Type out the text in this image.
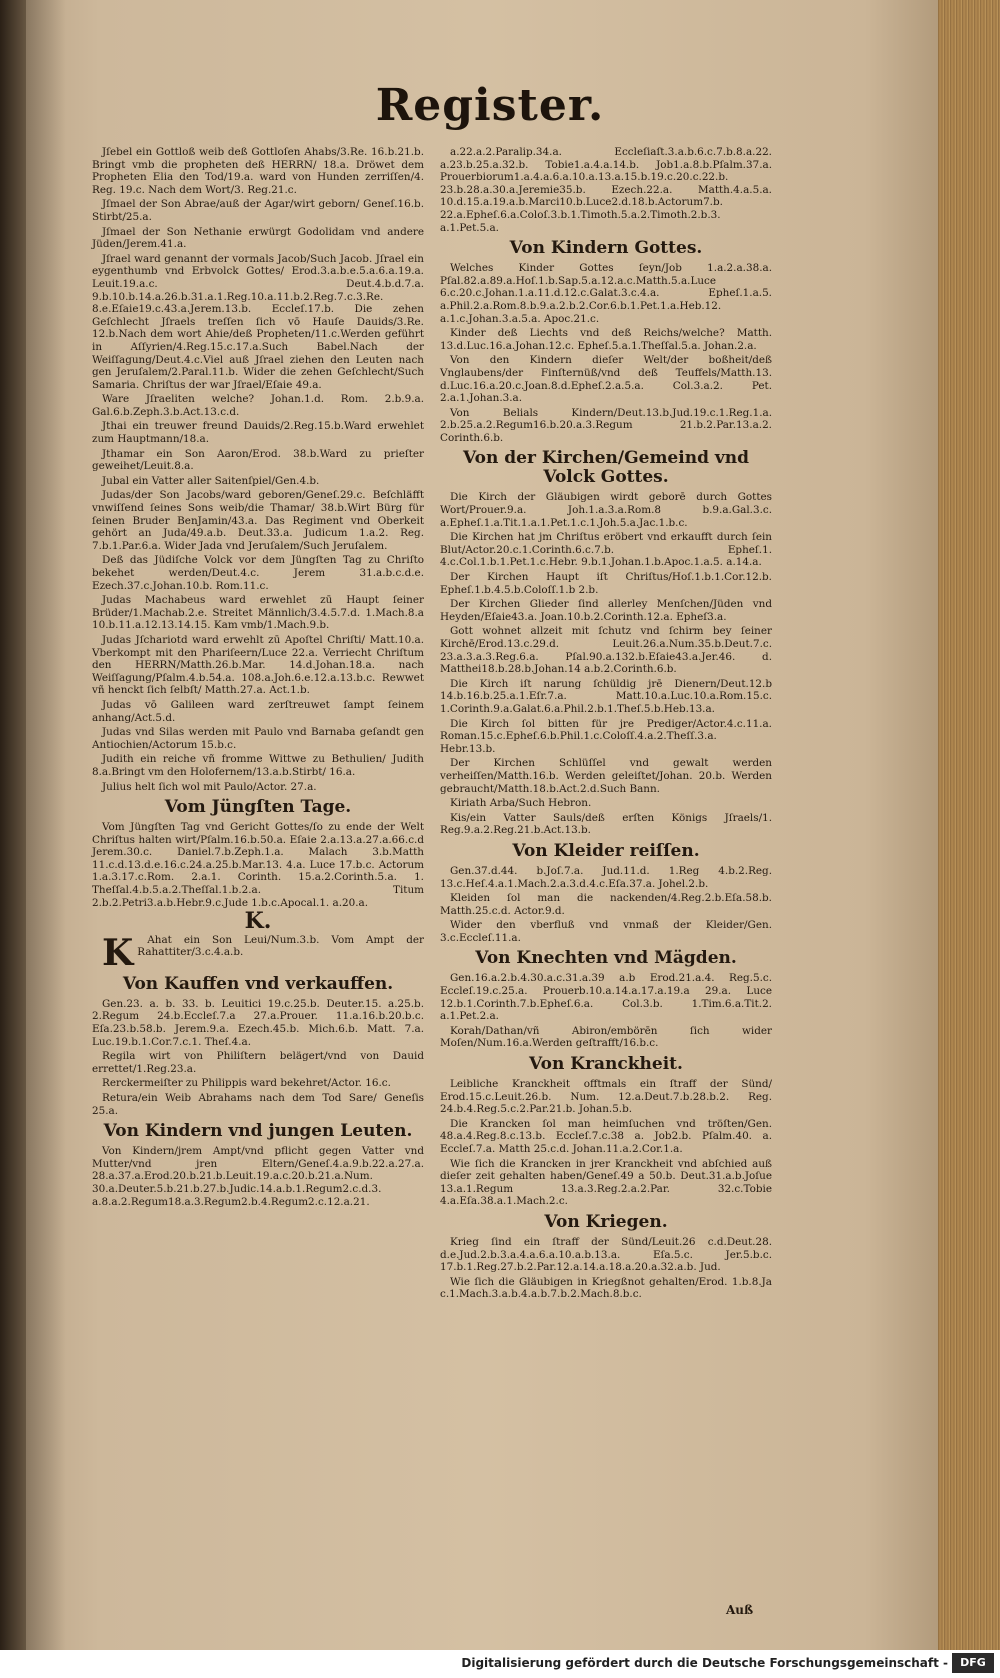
Register.
Jſebel ein Gottloß weib deß Gottloſen Ahabs/3.Re. 16.b.21.b. Bringt vmb die propheten deß HERRN/ 18.a. Dröwet dem Propheten Elia den Tod/19.a. ward von Hunden zerriſſen/4. Reg. 19.c. Nach dem Wort/3. Reg.21.c.
Jſmael der Son Abrae/auß der Agar/wirt geborn/ Geneſ.16.b. Stirbt/25.a.
Jſmael der Son Nethanie erwürgt Godolidam vnd andere Jüden/Jerem.41.a.
Jſrael ward genannt der vormals Jacob/Such Jacob. Jſrael ein eygenthumb vnd Erbvolck Gottes/ Erod.3.a.b.e.5.a.6.a.19.a. Leuit.19.a.c. Deut.4.b.d.7.a. 9.b.10.b.14.a.26.b.31.a.1.Reg.10.a.11.b.2.Reg.7.c.3.Re. 8.e.Eſaie19.c.43.a.Jerem.13.b. Eccleſ.17.b. Die zehen Geſchlecht Jſraels treſſen ſich vō Hauſe Dauids/3.Re. 12.b.Nach dem wort Ahie/deß Propheten/11.c.Werden geführt in Aſſyrien/4.Reg.15.c.17.a.Such Babel.Nach der Weiſſagung/Deut.4.c.Viel auß Jſrael ziehen den Leuten nach gen Jeruſalem/2.Paral.11.b. Wider die zehen Geſchlecht/Such Samaria. Chriſtus der war Jſrael/Eſaie 49.a.
Ware Jſraeliten welche? Johan.1.d. Rom. 2.b.9.a. Gal.6.b.Zeph.3.b.Act.13.c.d.
Jthai ein treuwer freund Dauids/2.Reg.15.b.Ward erwehlet zum Hauptmann/18.a.
Jthamar ein Son Aaron/Erod. 38.b.Ward zu prieſter geweihet/Leuit.8.a.
Jubal ein Vatter aller Saitenſpiel/Gen.4.b.
Judas/der Son Jacobs/ward geboren/Geneſ.29.c. Beſchläfft vnwiſſend ſeines Sons weib/die Thamar/ 38.b.Wirt Bürg für ſeinen Bruder BenJamin/43.a. Das Regiment vnd Oberkeit gehört an Juda/49.a.b. Deut.33.a. Judicum 1.a.2. Reg. 7.b.1.Par.6.a. Wider Jada vnd Jeruſalem/Such Jeruſalem.
Deß das Jüdiſche Volck vor dem Jüngſten Tag zu Chriſto bekehet werden/Deut.4.c. Jerem 31.a.b.c.d.e. Ezech.37.c.Johan.10.b. Rom.11.c.
Judas Machabeus ward erwehlet zū Haupt ſeiner Brüder/1.Machab.2.e. Streitet Männlich/3.4.5.7.d. 1.Mach.8.a 10.b.11.a.12.13.14.15. Kam vmb/1.Mach.9.b.
Judas Jſchariotd ward erwehlt zū Apoſtel Chriſti/ Matt.10.a. Vberkompt mit den Phariſeern/Luce 22.a. Verriecht Chriſtum den HERRN/Matth.26.b.Mar. 14.d.Johan.18.a. nach Weiſſagung/Pſalm.4.b.54.a. 108.a.Joh.6.e.12.a.13.b.c. Rewwet vñ henckt ſich ſelbſt/ Matth.27.a. Act.1.b.
Judas vō Galileen ward zerſtreuwet ſampt ſeinem anhang/Act.5.d.
Judas vnd Silas werden mit Paulo vnd Barnaba geſandt gen Antiochien/Actorum 15.b.c.
Judith ein reiche vñ fromme Wittwe zu Bethulien/ Judith 8.a.Bringt vm den Holofernem/13.a.b.Stirbt/ 16.a.
Julius helt ſich wol mit Paulo/Actor. 27.a.
Vom Jüngſten Tage.
Vom Jüngſten Tag vnd Gericht Gottes/ſo zu ende der Welt Chriſtus halten wirt/Pſalm.16.b.50.a. Eſaie 2.a.13.a.27.a.66.c.d Jerem.30.c. Daniel.7.b.Zeph.1.a. Malach 3.b.Matth 11.c.d.13.d.e.16.c.24.a.25.b.Mar.13. 4.a. Luce 17.b.c. Actorum 1.a.3.17.c.Rom. 2.a.1. Corinth. 15.a.2.Corinth.5.a. 1. Theſſal.4.b.5.a.2.Theſſal.1.b.2.a. Titum 2.b.2.Petri3.a.b.Hebr.9.c.Jude 1.b.c.Apocal.1. a.20.a.
K.
K Ahat ein Son Leui/Num.3.b. Vom Ampt der Rahattiter/3.c.4.a.b.
Von Kauffen vnd verkauffen.
Gen.23. a. b. 33. b. Leuitici 19.c.25.b. Deuter.15. a.25.b. 2.Regum 24.b.Eccleſ.7.a 27.a.Prouer. 11.a.16.b.20.b.c. Eſa.23.b.58.b. Jerem.9.a. Ezech.45.b. Mich.6.b. Matt. 7.a. Luc.19.b.1.Cor.7.c.1. Theſ.4.a.
Regila wirt von Philiſtern belägert/vnd von Dauid errettet/1.Reg.23.a.
Rerckermeiſter zu Philippis ward bekehret/Actor. 16.c.
Retura/ein Weib Abrahams nach dem Tod Sare/ Geneſis 25.a.
Von Kindern vnd jungen Leuten.
Von Kindern/jrem Ampt/vnd pflicht gegen Vatter vnd Mutter/vnd jren Eltern/Geneſ.4.a.9.b.22.a.27.a. 28.a.37.a.Erod.20.b.21.b.Leuit.19.a.c.20.b.21.a.Num. 30.a.Deuter.5.b.21.b.27.b.Judic.14.a.b.1.Regum2.c.d.3. a.8.a.2.Regum18.a.3.Regum2.b.4.Regum2.c.12.a.21.
a.22.a.2.Paralip.34.a. Eccleſiaſt.3.a.b.6.c.7.b.8.a.22. a.23.b.25.a.32.b. Tobie1.a.4.a.14.b. Job1.a.8.b.Pſalm.37.a. Prouerbiorum1.a.4.a.6.a.10.a.13.a.15.b.19.c.20.c.22.b. 23.b.28.a.30.a.Jeremie35.b. Ezech.22.a. Matth.4.a.5.a. 10.d.15.a.19.a.b.Marci10.b.Luce2.d.18.b.Actorum7.b. 22.a.Epheſ.6.a.Coloſ.3.b.1.Timoth.5.a.2.Timoth.2.b.3. a.1.Pet.5.a.
Von Kindern Gottes.
Welches Kinder Gottes ſeyn/Job 1.a.2.a.38.a. Pſal.82.a.89.a.Hoſ.1.b.Sap.5.a.12.a.c.Matth.5.a.Luce 6.c.20.c.Johan.1.a.11.d.12.c.Galat.3.c.4.a. Epheſ.1.a.5. a.Phil.2.a.Rom.8.b.9.a.2.b.2.Cor.6.b.1.Pet.1.a.Heb.12. a.1.c.Johan.3.a.5.a. Apoc.21.c.
Kinder deß Liechts vnd deß Reichs/welche? Matth. 13.d.Luc.16.a.Johan.12.c. Epheſ.5.a.1.Theſſal.5.a. Johan.2.a.
Von den Kindern dieſer Welt/der boßheit/deß Vnglaubens/der Finſternüß/vnd deß Teuffels/Matth.13. d.Luc.16.a.20.c.Joan.8.d.Epheſ.2.a.5.a. Col.3.a.2. Pet. 2.a.1.Johan.3.a.
Von Belials Kindern/Deut.13.b.Jud.19.c.1.Reg.1.a. 2.b.25.a.2.Regum16.b.20.a.3.Regum 21.b.2.Par.13.a.2. Corinth.6.b.
Von der Kirchen/Gemeind vnd Volck Gottes.
Die Kirch der Gläubigen wirdt geborē durch Gottes Wort/Prouer.9.a. Joh.1.a.3.a.Rom.8 b.9.a.Gal.3.c. a.Epheſ.1.a.Tit.1.a.1.Pet.1.c.1.Joh.5.a.Jac.1.b.c.
Die Kirchen hat jm Chriſtus eröbert vnd erkaufft durch ſein Blut/Actor.20.c.1.Corinth.6.c.7.b. Epheſ.1. 4.c.Col.1.b.1.Pet.1.c.Hebr. 9.b.1.Johan.1.b.Apoc.1.a.5. a.14.a.
Der Kirchen Haupt iſt Chriſtus/Hoſ.1.b.1.Cor.12.b. Epheſ.1.b.4.5.b.Coloſſ.1.b 2.b.
Der Kirchen Glieder ſind allerley Menſchen/Jüden vnd Heyden/Eſaie43.a. Joan.10.b.2.Corinth.12.a. Epheſ3.a.
Gott wohnet allzeit mit ſchutz vnd ſchirm bey ſeiner Kirchē/Erod.13.c.29.d. Leuit.26.a.Num.35.b.Deut.7.c. 23.a.3.a.3.Reg.6.a. Pſal.90.a.132.b.Eſaie43.a.Jer.46. d. Matthei18.b.28.b.Johan.14 a.b.2.Corinth.6.b.
Die Kirch iſt narung ſchüldig jrē Dienern/Deut.12.b 14.b.16.b.25.a.1.Eſr.7.a. Matt.10.a.Luc.10.a.Rom.15.c. 1.Corinth.9.a.Galat.6.a.Phil.2.b.1.Theſ.5.b.Heb.13.a.
Die Kirch ſol bitten für jre Prediger/Actor.4.c.11.a. Roman.15.c.Epheſ.6.b.Phil.1.c.Coloſſ.4.a.2.Theſſ.3.a. Hebr.13.b.
Der Kirchen Schlüſſel vnd gewalt werden verheiſſen/Matth.16.b. Werden geleiſtet/Johan. 20.b. Werden gebraucht/Matth.18.b.Act.2.d.Such Bann.
Kiriath Arba/Such Hebron.
Kis/ein Vatter Sauls/deß erſten Königs Jſraels/1. Reg.9.a.2.Reg.21.b.Act.13.b.
Von Kleider reiſſen.
Gen.37.d.44. b.Joſ.7.a. Jud.11.d. 1.Reg 4.b.2.Reg. 13.c.Heſ.4.a.1.Mach.2.a.3.d.4.c.Eſa.37.a. Johel.2.b.
Kleiden ſol man die nackenden/4.Reg.2.b.Eſa.58.b. Matth.25.c.d. Actor.9.d.
Wider den vberfluß vnd vnmaß der Kleider/Gen. 3.c.Eccleſ.11.a.
Von Knechten vnd Mägden.
Gen.16.a.2.b.4.30.a.c.31.a.39 a.b Erod.21.a.4. Reg.5.c. Eccleſ.19.c.25.a. Prouerb.10.a.14.a.17.a.19.a 29.a. Luce 12.b.1.Corinth.7.b.Epheſ.6.a. Col.3.b. 1.Tim.6.a.Tit.2. a.1.Pet.2.a.
Korah/Dathan/vñ Abiron/embörēn ſich wider Moſen/Num.16.a.Werden geſtrafft/16.b.c.
Von Kranckheit.
Leibliche Kranckheit offtmals ein ſtraff der Sünd/ Erod.15.c.Leuit.26.b. Num. 12.a.Deut.7.b.28.b.2. Reg. 24.b.4.Reg.5.c.2.Par.21.b. Johan.5.b.
Die Krancken ſol man heimſuchen vnd tröſten/Gen. 48.a.4.Reg.8.c.13.b. Eccleſ.7.c.38 a. Job2.b. Pſalm.40. a. Eccleſ.7.a. Matth 25.c.d. Johan.11.a.2.Cor.1.a.
Wie ſich die Krancken in jrer Kranckheit vnd abſchied auß dieſer zeit gehalten haben/Geneſ.49 a 50.b. Deut.31.a.b.Joſue 13.a.1.Regum 13.a.3.Reg.2.a.2.Par. 32.c.Tobie 4.a.Eſa.38.a.1.Mach.2.c.
Von Kriegen.
Krieg ſind ein ſtraff der Sünd/Leuit.26 c.d.Deut.28. d.e.Jud.2.b.3.a.4.a.6.a.10.a.b.13.a. Eſa.5.c. Jer.5.b.c. 17.b.1.Reg.27.b.2.Par.12.a.14.a.18.a.20.a.32.a.b. Jud.
Wie ſich die Gläubigen in Kriegßnot gehalten/Erod. 1.b.8.Ja c.1.Mach.3.a.b.4.a.b.7.b.2.Mach.8.b.c.
Auß
Digitalisierung gefördert durch die Deutsche Forschungsgemeinschaft -	DFG
